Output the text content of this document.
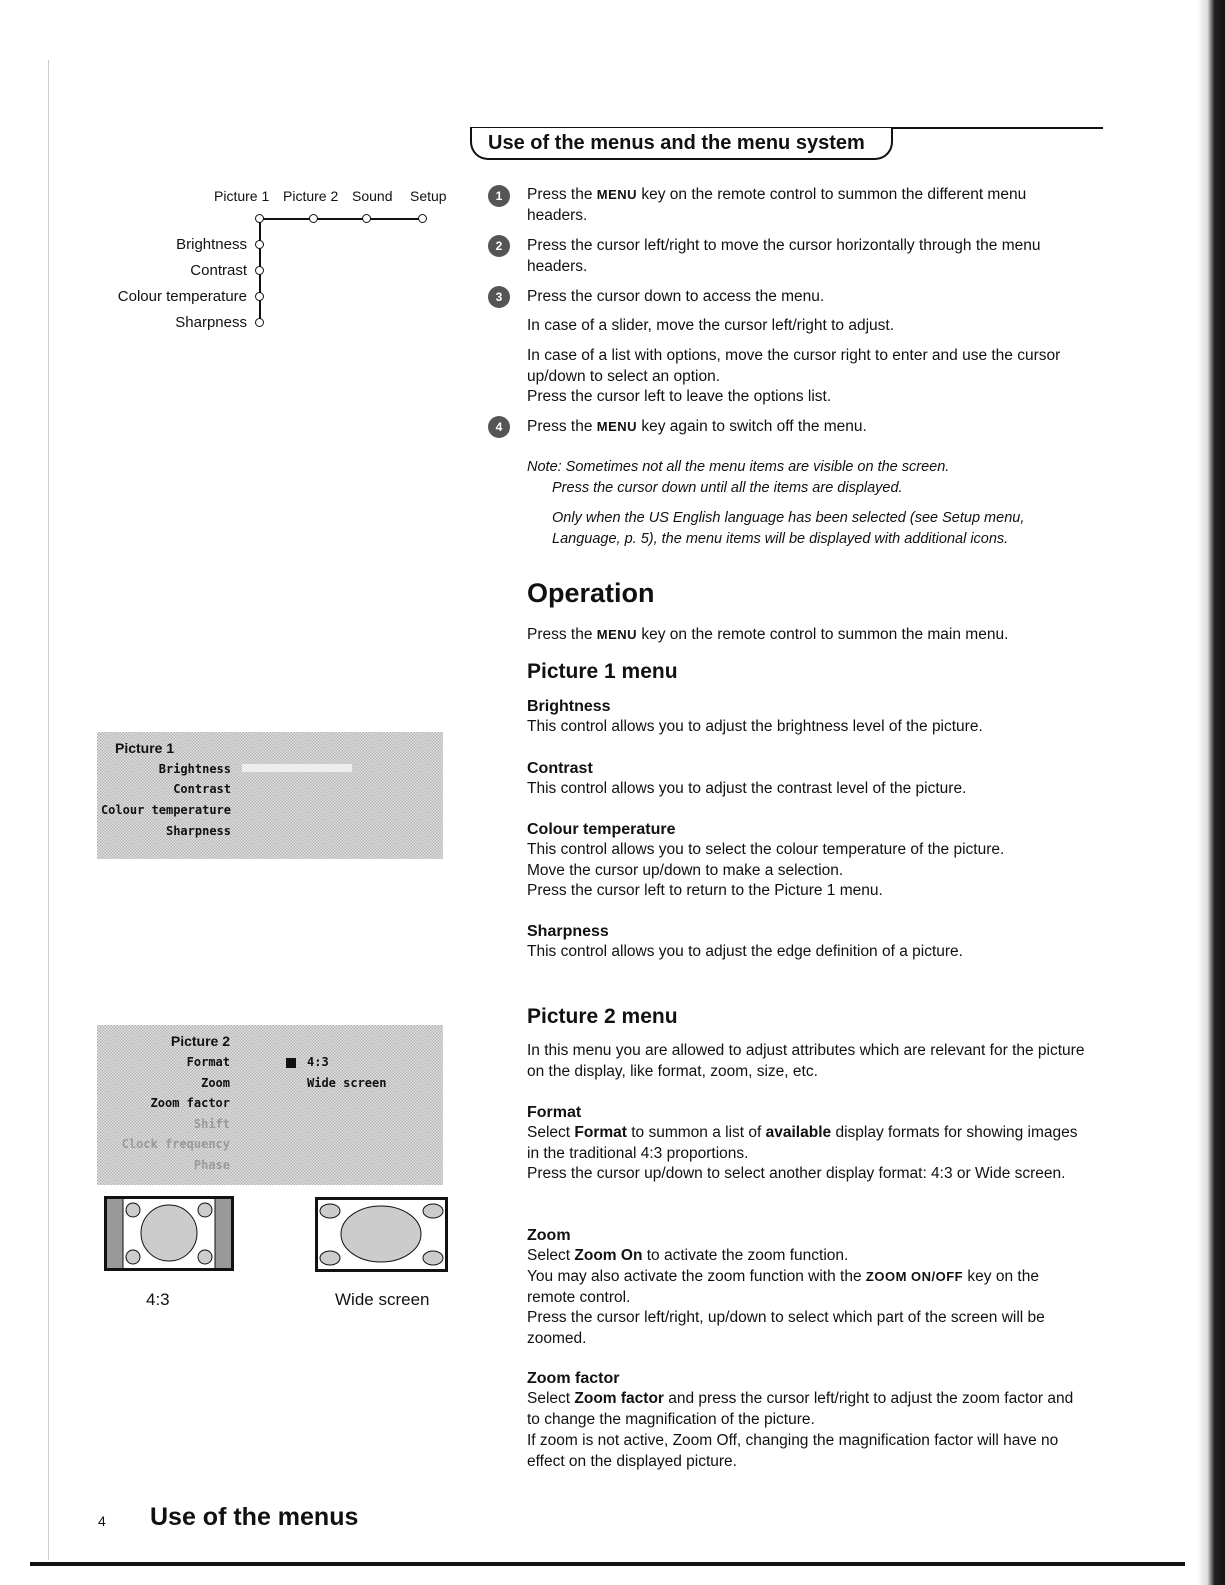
Use of the menus and the menu system
Picture 1 Picture 2 Sound Setup
Brightness
Contrast
Colour temperature
Sharpness
Picture 1
Brightness
Contrast
Colour temperature
Sharpness
Picture 2
Format
Zoom
Zoom factor
Shift
Clock frequency
Phase
4:3
Wide screen
4:3	Wide screen
1	Press the MENU key on the remote control to summon the different menu headers.
2	Press the cursor left/right to move the cursor horizontally through the menu headers.
3	Press the cursor down to access the menu.
In case of a slider, move the cursor left/right to adjust.
In case of a list with options, move the cursor right to enter and use the cursor up/down to select an option.
Press the cursor left to leave the options list.
4	Press the MENU key again to switch off the menu.
Note: Sometimes not all the menu items are visible on the screen.
Press the cursor down until all the items are displayed.
Only when the US English language has been selected (see Setup menu, Language, p. 5), the menu items will be displayed with additional icons.
Operation
Press the MENU key on the remote control to summon the main menu.
Picture 1 menu
Brightness
This control allows you to adjust the brightness level of the picture.
Contrast
This control allows you to adjust the contrast level of the picture.
Colour temperature
This control allows you to select the colour temperature of the picture.
Move the cursor up/down to make a selection.
Press the cursor left to return to the Picture 1 menu.
Sharpness
This control allows you to adjust the edge definition of a picture.
Picture 2 menu
In this menu you are allowed to adjust attributes which are relevant for the picture on the display, like format, zoom, size, etc.
Format
Select Format to summon a list of available display formats for showing images in the traditional 4:3 proportions.
Press the cursor up/down to select another display format: 4:3 or Wide screen.
Zoom
Select Zoom On to activate the zoom function.
You may also activate the zoom function with the ZOOM ON/OFF key on the remote control.
Press the cursor left/right, up/down to select which part of the screen will be zoomed.
Zoom factor
Select Zoom factor and press the cursor left/right to adjust the zoom factor and to change the magnification of the picture.
If zoom is not active, Zoom Off, changing the magnification factor will have no effect on the displayed picture.
4 Use of the menus
